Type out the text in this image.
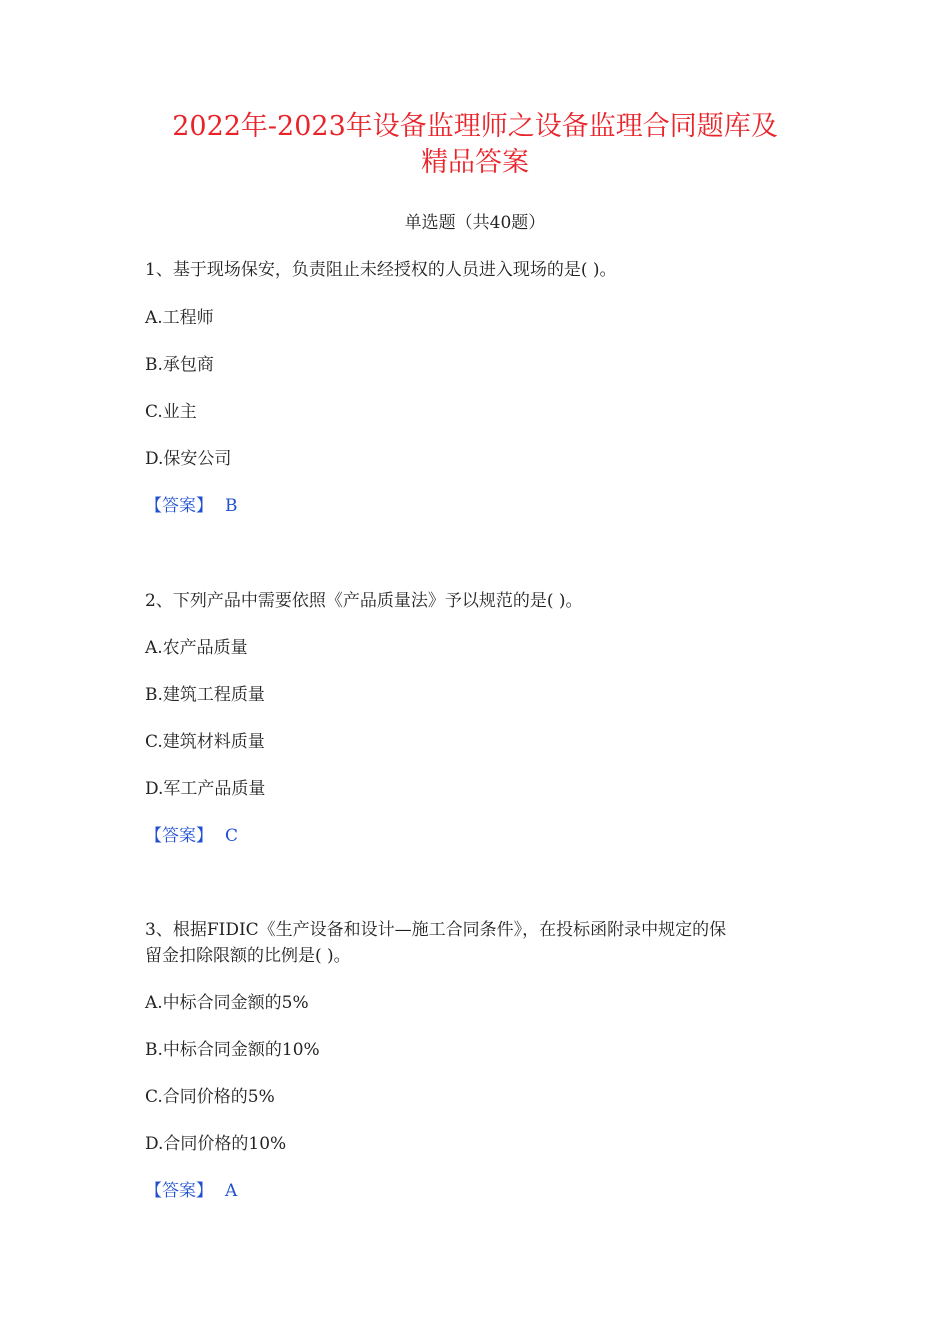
2022年-2023年设备监理师之设备监理合同题库及
精品答案
单选题（共40题）
1、基于现场保安，负责阻止未经授权的人员进入现场的是( )。
A.工程师
B.承包商
C.业主
D.保安公司
【答案】 B
2、下列产品中需要依照《产品质量法》予以规范的是( )。
A.农产品质量
B.建筑工程质量
C.建筑材料质量
D.军工产品质量
【答案】 C
3、根据FIDIC《生产设备和设计—施工合同条件》，在投标函附录中规定的保
留金扣除限额的比例是( )。
A.中标合同金额的5%
B.中标合同金额的10%
C.合同价格的5%
D.合同价格的10%
【答案】 A
